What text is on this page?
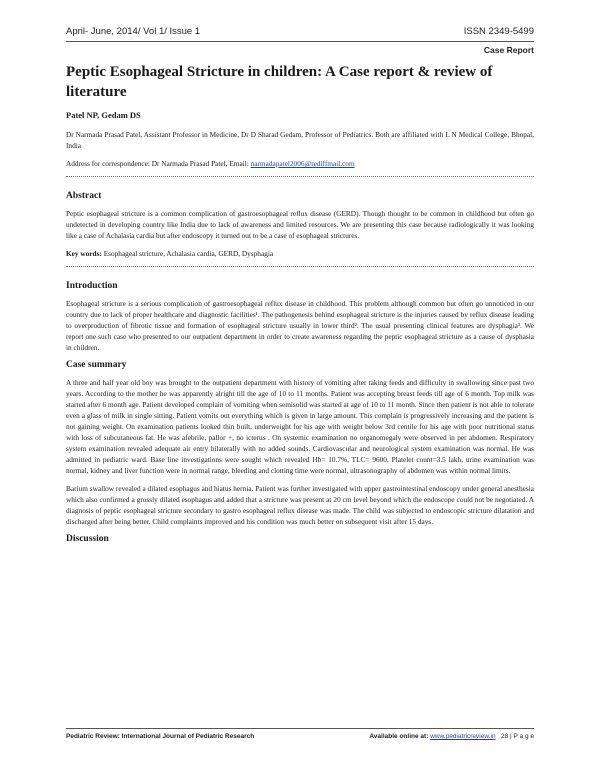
April- June, 2014/ Vol 1/ Issue 1	ISSN 2349-5499
Case Report
Peptic Esophageal Stricture in children: A Case report & review of literature
Patel NP, Gedam DS

Dr Narmada Prasad Patel, Assistant Professor in Medicine, Dr D Sharad Gedam, Professor of Pediatrics. Both are affiliated with L N Medical College, Bhopal, India

Address for correspondence: Dr Narmada Prasad Patel, Email: narmadapatel2006@rediffmail.com

Abstract

Peptic esophageal stricture is a common complication of gastroesophageal reflux disease (GERD). Though thought to be common in childhood but often go undetected in developing country like India due to lack of awareness and limited resources. We are presenting this case because radiologically it was looking like a case of Achalasia cardia but after endoscopy it turned out to be a case of esophageal strictures.

Key words: Esophageal stricture, Achalasia cardia, GERD, Dysphagia

Introduction

Esophageal stricture is a serious complication of gastroesophageal reflux disease in childhood. This problem although common but often go unnoticed in our country due to lack of proper healthcare and diagnostic facilities¹. The pathogenesis behind esophageal stricture is the injuries caused by reflux disease leading to overproduction of fibrotic tissue and formation of esophageal stricture usually in lower third². The usual presenting clinical features are dysphagia³. We report one such case who presented to our outpatient department in order to create awareness regarding the peptic esophageal stricture as a cause of dysphasia in children.

Case summary

A three and half year old boy was brought to the outpatient department with history of vomiting after taking feeds and difficulty in swallowing since past two years. According to the mother he was apparently alright till the age of 10 to 11 months. Patient was accepting breast feeds till age of 6 month. Top milk was started after 6 month age. Patient developed complain of vomiting when semisolid was started at age of 10 to 11 month. Since then patient is not able to tolerate even a glass of milk in single sitting. Patient vomits out everything which is given in large amount. This complain is progressively increasing and the patient is not gaining weight. On examination patients looked thin built, underweight for his age with weight below 3rd centile for his age with poor nutritional status with loss of subcutaneous fat. He was afebrile, pallor +, no icterus . On systemic examination no organomegaly were observed in per abdomen. Respiratory system examination revealed adequate air entry bilaterally with no added sounds. Cardiovascular and neurological system examination was normal. He was admitted in pediatric ward. Base line investigations were sought which revealed Hb= 10.7%, TLC= 9600, Platelet count=3.5 lakh, urine examination was normal, kidney and liver function were in normal range, bleeding and clotting time were normal, ultrasonography of abdomen was within normal limits.

Barium swallow revealed a dilated esophagus and hiatus hernia. Patient was further investigated with upper gastrointestinal endoscopy under general anesthesia which also confirmed a grossly dilated esophagus and added that a stricture was present at 20 cm level beyond which the endoscope could not be negotiated. A diagnosis of peptic esophageal stricture secondary to gastro esophageal reflux disease was made. The child was subjected to endoscopic stricture dilatation and discharged after being better. Child complaints improved and his condition was much better on subsequent visit after 15 days.

Discussion
Pediatric Review: International Journal of Pediatric Research	Available online at: www.pediatricreview.in 28 | P a g e
